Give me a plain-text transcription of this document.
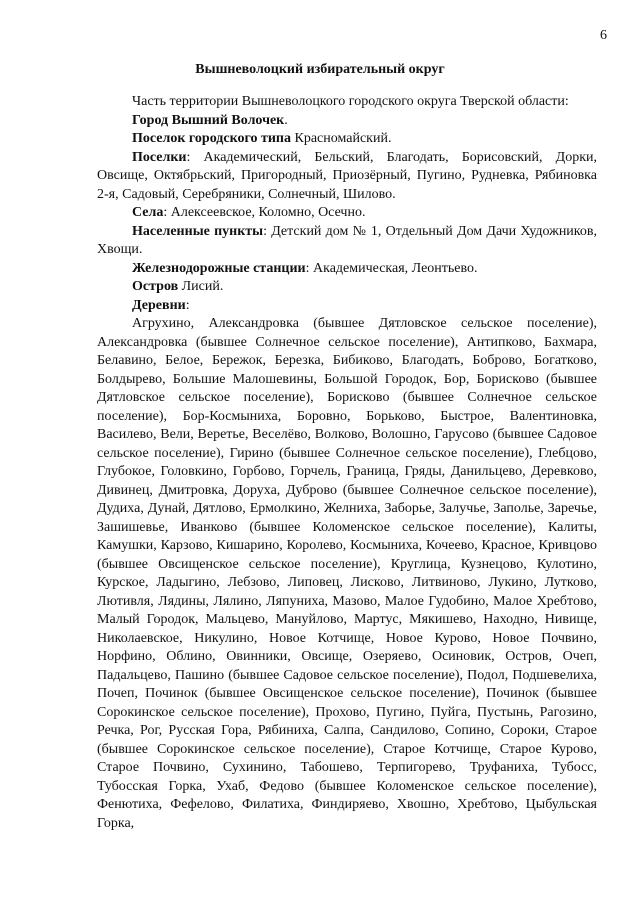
6
Вышневолоцкий избирательный округ

Часть территории Вышневолоцкого городского округа Тверской области:

Город Вышний Волочек.

Поселок городского типа Красномайский.

Поселки: Академический, Бельский, Благодать, Борисовский, Дорки, Овсище, Октябрьский, Пригородный, Приозёрный, Пугино, Рудневка, Рябиновка 2-я, Садовый, Серебряники, Солнечный, Шилово.

Села: Алексеевское, Коломно, Осечно.

Населенные пункты: Детский дом № 1, Отдельный Дом Дачи Художников, Хвощи.

Железнодорожные станции: Академическая, Леонтьево.

Остров Лисий.

Деревни:

Агрухино, Александровка (бывшее Дятловское сельское поселение), Александровка (бывшее Солнечное сельское поселение), Антипково, Бахмара, Белавино, Белое, Бережок, Березка, Бибиково, Благодать, Боброво, Богатково, Болдырево, Большие Малошевины, Большой Городок, Бор, Борисково (бывшее Дятловское сельское поселение), Борисково (бывшее Солнечное сельское поселение), Бор-Космыниха, Боровно, Борьково, Быстрое, Валентиновка, Василево, Вели, Веретье, Веселёво, Волково, Волошно, Гарусово (бывшее Садовое сельское поселение), Гирино (бывшее Солнечное сельское поселение), Глебцово, Глубокое, Головкино, Горбово, Горчель, Граница, Гряды, Данильцево, Деревково, Дивинец, Дмитровка, Доруха, Дуброво (бывшее Солнечное сельское поселение), Дудиха, Дунай, Дятлово, Ермолкино, Желниха, Заборье, Залучье, Заполье, Заречье, Зашишевье, Иванково (бывшее Коломенское сельское поселение), Калиты, Камушки, Карзово, Кишарино, Королево, Космыниха, Кочеево, Красное, Кривцово (бывшее Овсищенское сельское поселение), Круглица, Кузнецово, Кулотино, Курское, Ладыгино, Лебзово, Липовец, Лисково, Литвиново, Лукино, Лутково, Лютивля, Лядины, Лялино, Ляпуниха, Мазово, Малое Гудобино, Малое Хребтово, Малый Городок, Мальцево, Мануйлово, Мартус, Мякишево, Находно, Нивище, Николаевское, Никулино, Новое Котчище, Новое Курово, Новое Почвино, Норфино, Облино, Овинники, Овсище, Озеряево, Осиновик, Остров, Очеп, Падальцево, Пашино (бывшее Садовое сельское поселение), Подол, Подшевелиха, Почеп, Починок (бывшее Овсищенское сельское поселение), Починок (бывшее Сорокинское сельское поселение), Прохово, Пугино, Пуйга, Пустынь, Рагозино, Речка, Рог, Русская Гора, Рябиниха, Салпа, Сандилово, Сопино, Сороки, Старое (бывшее Сорокинское сельское поселение), Старое Котчище, Старое Курово, Старое Почвино, Сухинино, Табошево, Терпигорево, Труфаниха, Тубосс, Тубосская Горка, Ухаб, Федово (бывшее Коломенское сельское поселение), Фенютиха, Фефелово, Филатиха, Финдиряево, Хвошно, Хребтово, Цыбульская Горка,
